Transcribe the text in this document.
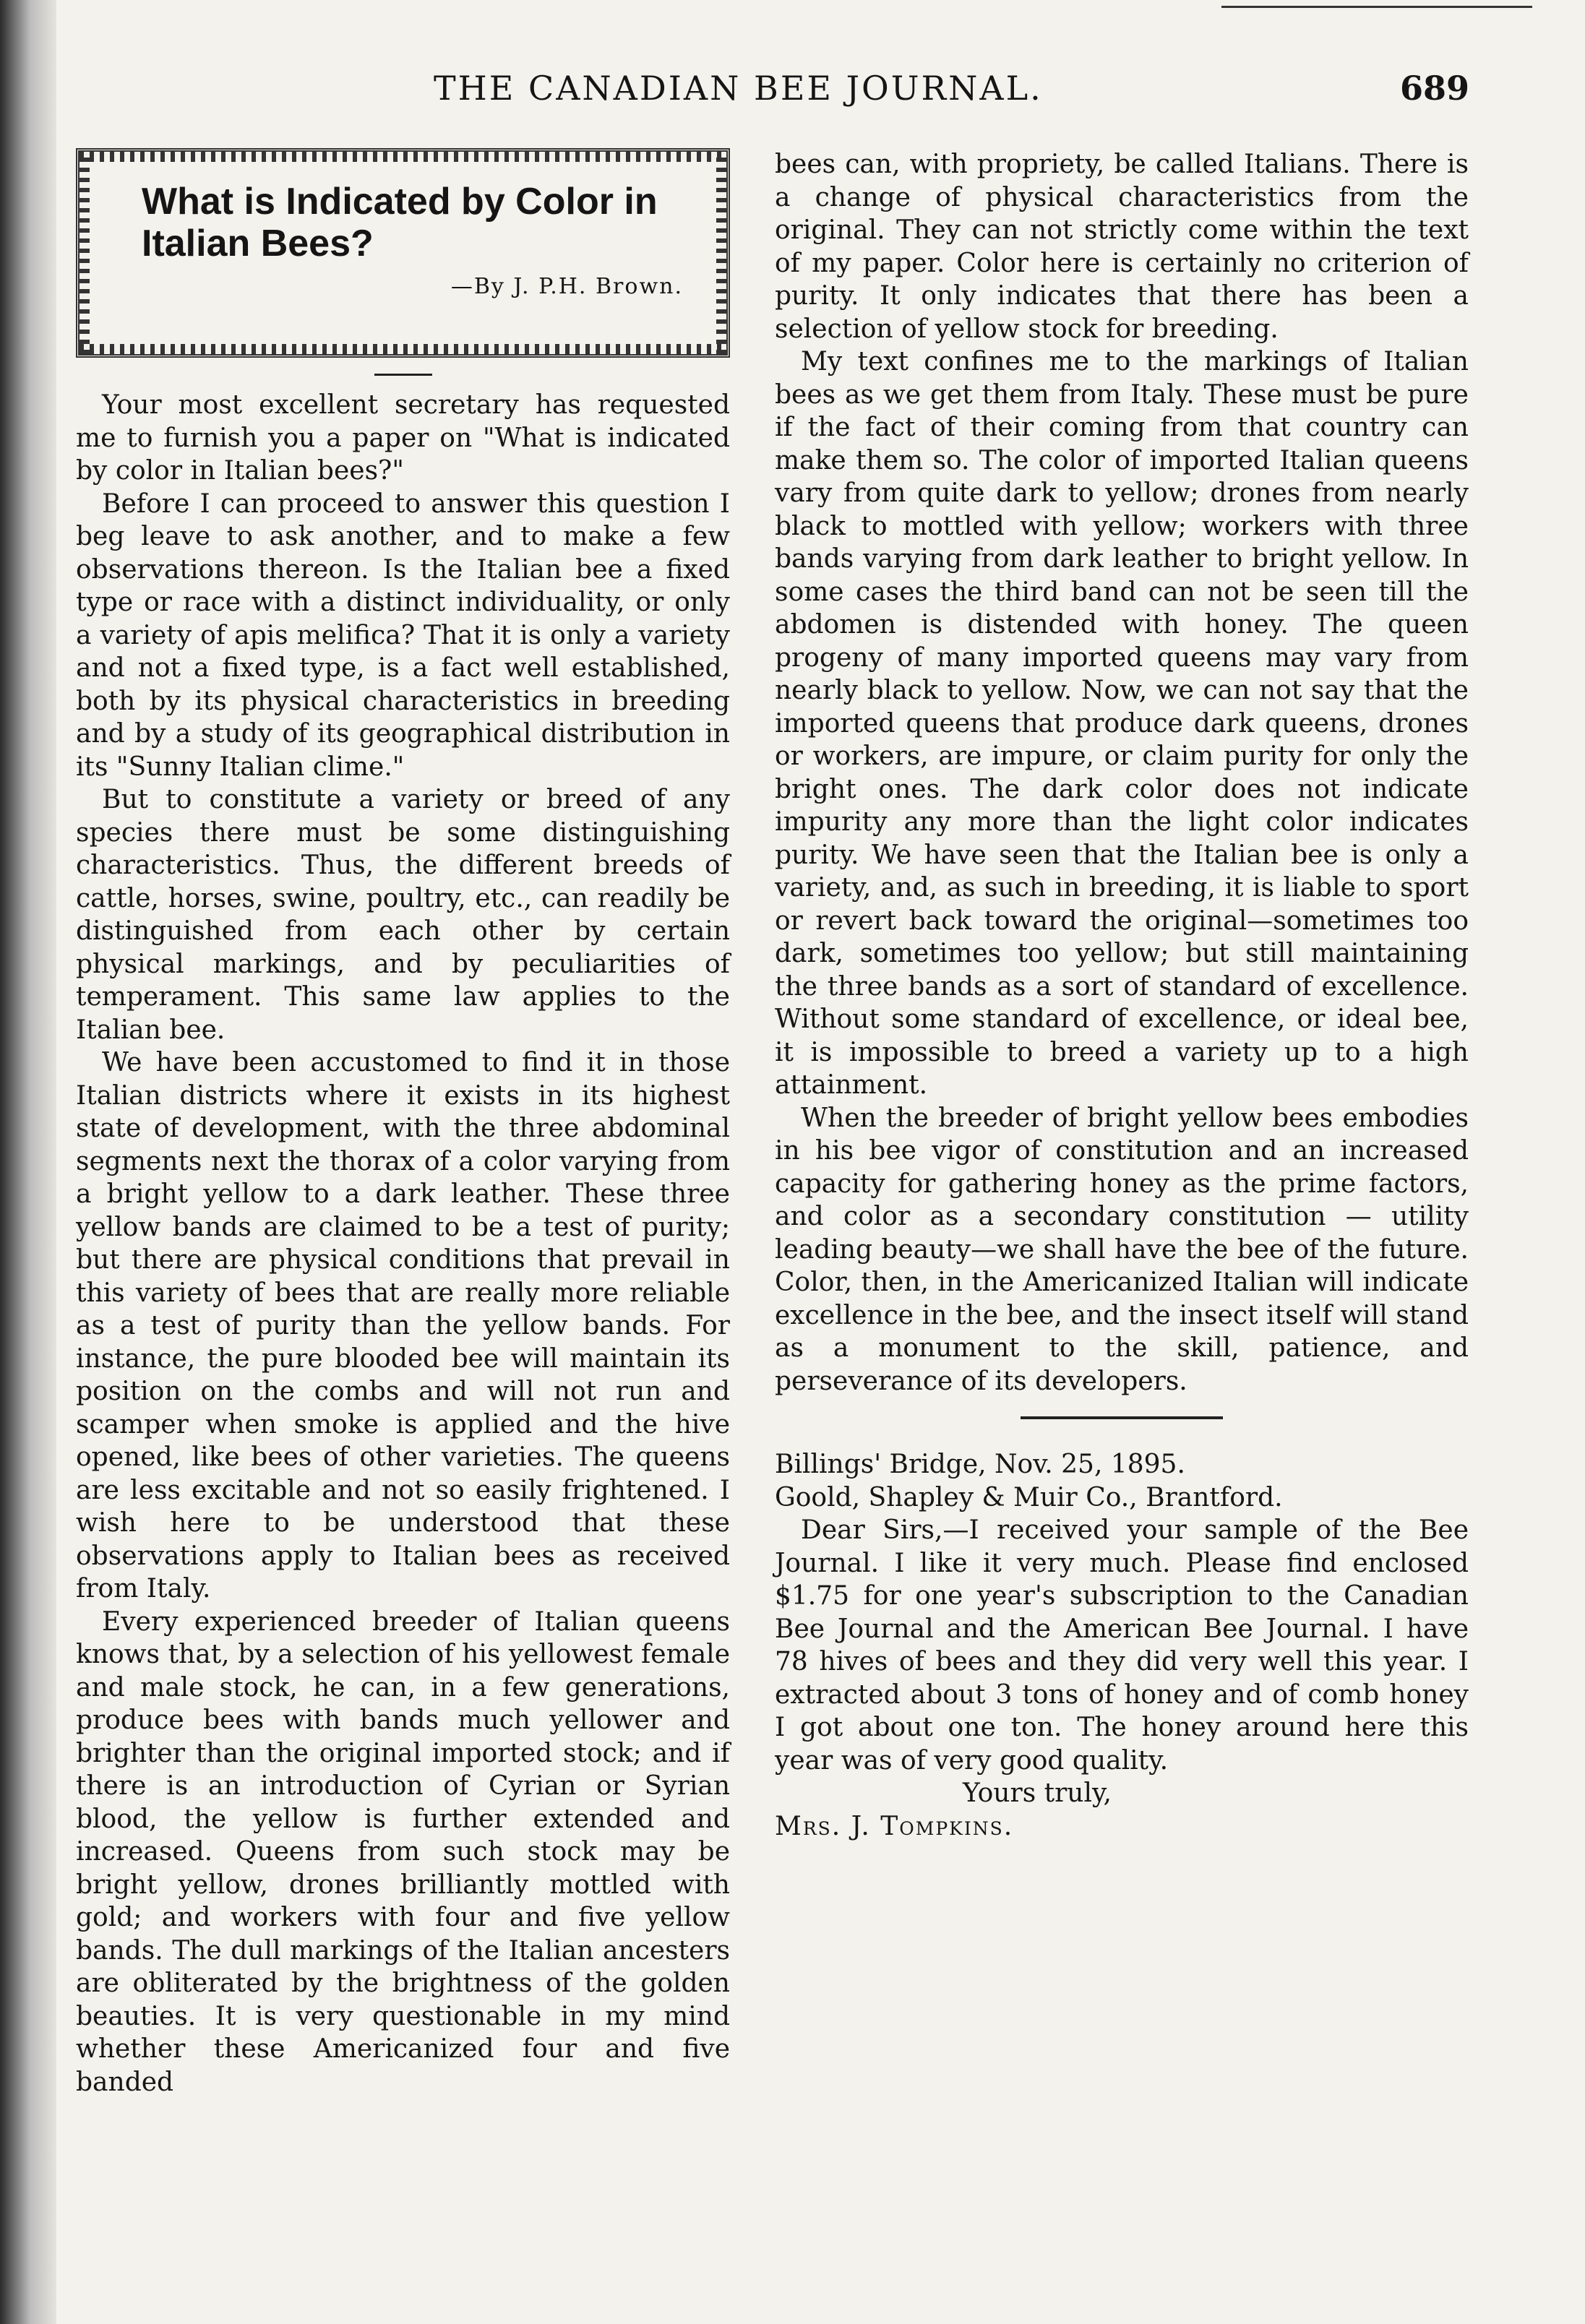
THE CANADIAN BEE JOURNAL.	689

What is Indicated by Color in

Italian Bees?

—By J. P.H. Brown.

Your most excellent secretary has requested me to furnish you a paper on "What is indicated by color in Italian bees?"

Before I can proceed to answer this question I beg leave to ask another, and to make a few observations thereon. Is the Italian bee a fixed type or race with a distinct individuality, or only a variety of apis melifica? That it is only a variety and not a fixed type, is a fact well established, both by its physical characteristics in breeding and by a study of its geographical distribution in its "Sunny Italian clime."

But to constitute a variety or breed of any species there must be some distinguishing characteristics. Thus, the different breeds of cattle, horses, swine, poultry, etc., can readily be distinguished from each other by certain physical markings, and by peculiarities of temperament. This same law applies to the Italian bee.

We have been accustomed to find it in those Italian districts where it exists in its highest state of development, with the three abdominal segments next the thorax of a color varying from a bright yellow to a dark leather. These three yellow bands are claimed to be a test of purity; but there are physical conditions that prevail in this variety of bees that are really more reliable as a test of purity than the yellow bands. For instance, the pure blooded bee will maintain its position on the combs and will not run and scamper when smoke is applied and the hive opened, like bees of other varieties. The queens are less excitable and not so easily frightened. I wish here to be understood that these observations apply to Italian bees as received from Italy.

Every experienced breeder of Italian queens knows that, by a selection of his yellowest female and male stock, he can, in a few generations, produce bees with bands much yellower and brighter than the original imported stock; and if there is an introduction of Cyrian or Syrian blood, the yellow is further extended and increased. Queens from such stock may be bright yellow, drones brilliantly mottled with gold; and workers with four and five yellow bands. The dull markings of the Italian ancesters are obliterated by the brightness of the golden beauties. It is very questionable in my mind whether these Americanized four and five banded

bees can, with propriety, be called Italians. There is a change of physical characteristics from the original. They can not strictly come within the text of my paper. Color here is certainly no criterion of purity. It only indicates that there has been a selection of yellow stock for breeding.

My text confines me to the markings of Italian bees as we get them from Italy. These must be pure if the fact of their coming from that country can make them so. The color of imported Italian queens vary from quite dark to yellow; drones from nearly black to mottled with yellow; workers with three bands varying from dark leather to bright yellow. In some cases the third band can not be seen till the abdomen is distended with honey. The queen progeny of many imported queens may vary from nearly black to yellow. Now, we can not say that the imported queens that produce dark queens, drones or workers, are impure, or claim purity for only the bright ones. The dark color does not indicate impurity any more than the light color indicates purity. We have seen that the Italian bee is only a variety, and, as such in breeding, it is liable to sport or revert back toward the original—sometimes too dark, sometimes too yellow; but still maintaining the three bands as a sort of standard of excellence. Without some standard of excellence, or ideal bee, it is impossible to breed a variety up to a high attainment.

When the breeder of bright yellow bees embodies in his bee vigor of constitution and an increased capacity for gathering honey as the prime factors, and color as a secondary constitution — utility leading beauty—we shall have the bee of the future. Color, then, in the Americanized Italian will indicate excellence in the bee, and the insect itself will stand as a monument to the skill, patience, and perseverance of its developers.

Billings' Bridge, Nov. 25, 1895.

Goold, Shapley & Muir Co., Brantford.

Dear Sirs,—I received your sample of the Bee Journal. I like it very much. Please find enclosed $1.75 for one year's subscription to the Canadian Bee Journal and the American Bee Journal. I have 78 hives of bees and they did very well this year. I extracted about 3 tons of honey and of comb honey I got about one ton. The honey around here this year was of very good quality.

Yours truly,

Mrs. J. Tompkins.
